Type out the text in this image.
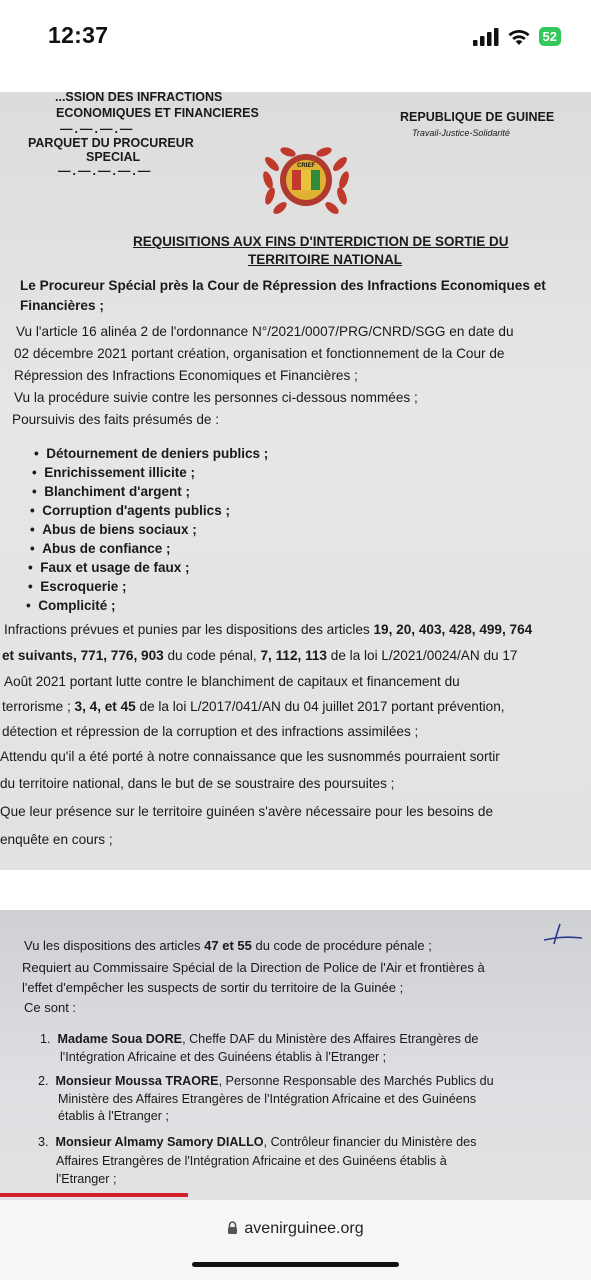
12:37	52
...SSION DES INFRACTIONS
ECONOMIQUES ET FINANCIERES
—.—.—.—
PARQUET DU PROCUREUR
SPECIAL
—.—.—.—.—
REPUBLIQUE DE GUINEE
Travail-Justice-Solidarité
CRIEF
REQUISITIONS AUX FINS D'INTERDICTION DE SORTIE DU
TERRITOIRE NATIONAL
Le Procureur Spécial près la Cour de Répression des Infractions Economiques et
Financières ;
Vu l'article 16 alinéa 2 de l'ordonnance N°/2021/0007/PRG/CNRD/SGG en date du
02 décembre 2021 portant création, organisation et fonctionnement de la Cour de
Répression des Infractions Economiques et Financières ;
Vu la procédure suivie contre les personnes ci-dessous nommées ;
Poursuivis des faits présumés de :
•  Détournement de deniers publics ;
•  Enrichissement illicite ;
•  Blanchiment d'argent ;
•  Corruption d'agents publics ;
•  Abus de biens sociaux ;
•  Abus de confiance ;
•  Faux et usage de faux ;
•  Escroquerie ;
•  Complicité ;
Infractions prévues et punies par les dispositions des articles 19, 20, 403, 428, 499, 764
et suivants, 771, 776, 903 du code pénal, 7, 112, 113 de la loi L/2021/0024/AN du 17
Août 2021 portant lutte contre le blanchiment de capitaux et financement du
terrorisme ; 3, 4, et 45 de la loi L/2017/041/AN du 04 juillet 2017 portant prévention,
détection et répression de la corruption et des infractions assimilées ;
Attendu qu'il a été porté à notre connaissance que les susnommés pourraient sortir
du territoire national, dans le but de se soustraire des poursuites ;
Que leur présence sur le territoire guinéen s'avère nécessaire pour les besoins de
enquête en cours ;
Vu les dispositions des articles 47 et 55 du code de procédure pénale ;
Requiert au Commissaire Spécial de la Direction de Police de l'Air et frontières à
l'effet d'empêcher les suspects de sortir du territoire de la Guinée ;
Ce sont :
1. Madame Soua DORE, Cheffe DAF du Ministère des Affaires Etrangères de
l'Intégration Africaine et des Guinéens établis à l'Etranger ;
2. Monsieur Moussa TRAORE, Personne Responsable des Marchés Publics du
Ministère des Affaires Etrangères de l'Intégration Africaine et des Guinéens
établis à l'Etranger ;
3. Monsieur Almamy Samory DIALLO, Contrôleur financier du Ministère des
Affaires Etrangères de l'Intégration Africaine et des Guinéens établis à
l'Etranger ;
avenirguinee.org
